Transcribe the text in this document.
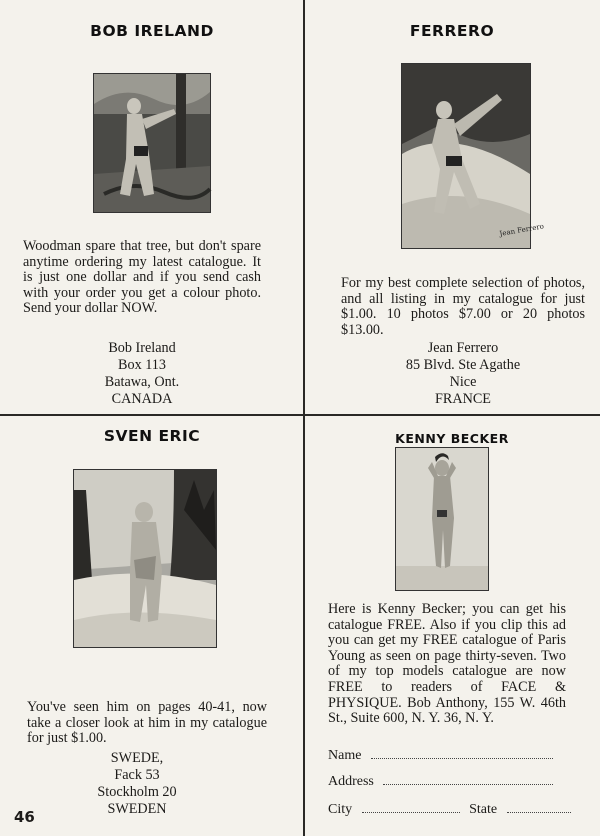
BOB IRELAND
Woodman spare that tree, but don't spare anytime ordering my latest catalogue. It is just one dollar and if you send cash with your order you get a colour photo. Send your dollar NOW.
Bob Ireland
Box 113
Batawa, Ont.
CANADA
FERRERO
Jean Ferrero
For my best complete selection of photos, and all listing in my catalogue for just $1.00. 10 photos $7.00 or 20 photos $13.00.
Jean Ferrero
85 Blvd. Ste Agathe
Nice
FRANCE
SVEN ERIC
You've seen him on pages 40-41, now take a closer look at him in my catalogue for just $1.00.
SWEDE,
Fack 53
Stockholm 20
SWEDEN
46
KENNY BECKER
Here is Kenny Becker; you can get his catalogue FREE. Also if you clip this ad you can get my FREE catalogue of Paris Young as seen on page thirty-seven. Two of my top models catalogue are now FREE to readers of FACE & PHYSIQUE. Bob Anthony, 155 W. 46th St., Suite 600, N. Y. 36, N. Y.
Name
Address
City	State
